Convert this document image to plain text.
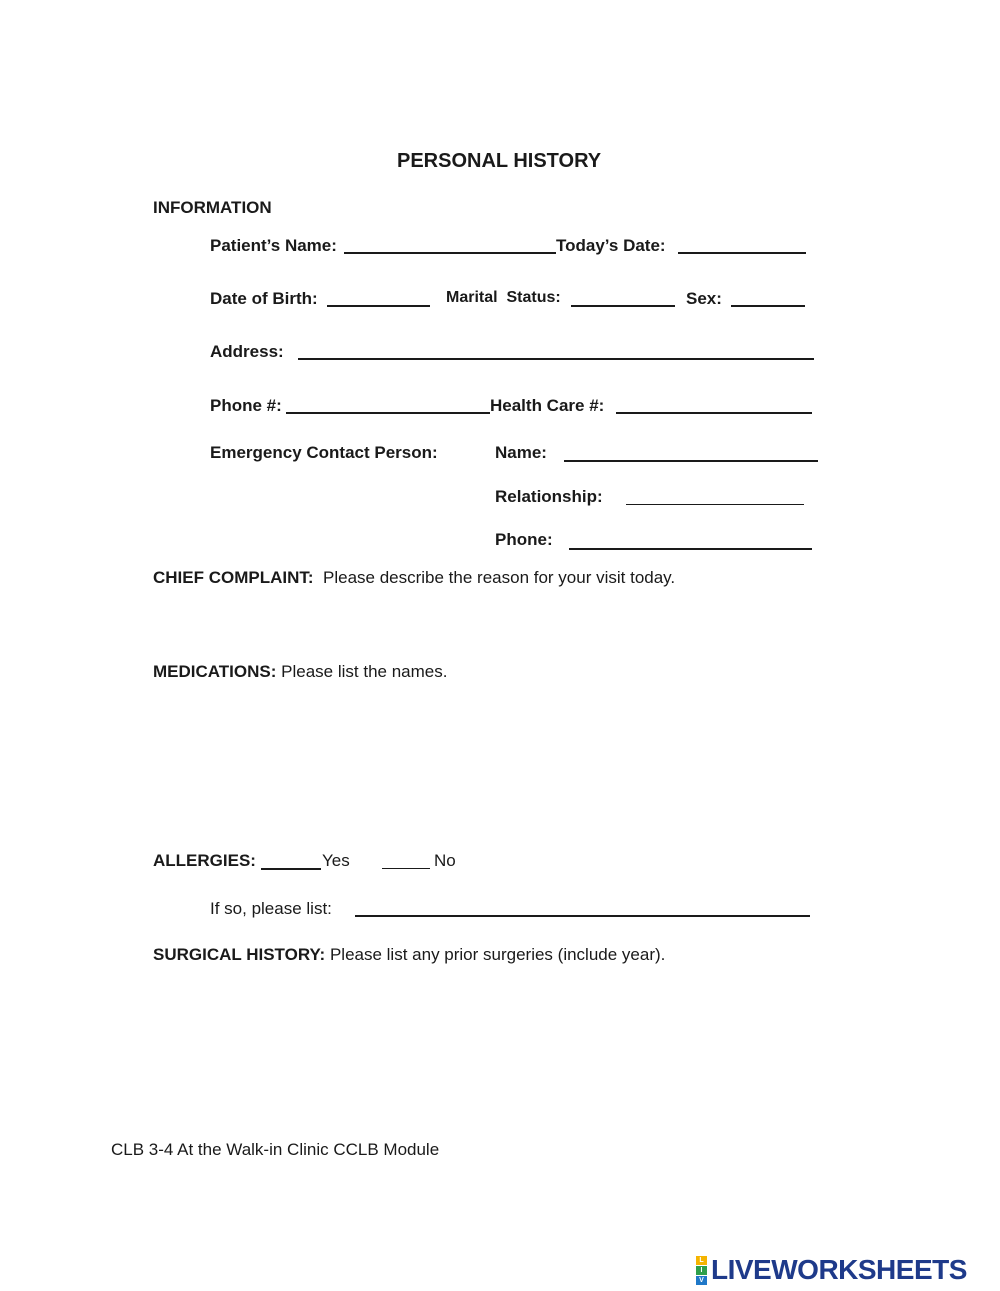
PERSONAL HISTORY
INFORMATION
Patient’s Name:	Today’s Date:
Date of Birth:	Marital  Status:	Sex:
Address:
Phone #:	Health Care #:
Emergency Contact Person:	Name:
Relationship:
Phone:
CHIEF COMPLAINT: Please describe the reason for your visit today.
MEDICATIONS: Please list the names.
ALLERGIES:	Yes	No
If so, please list:
SURGICAL HISTORY: Please list any prior surgeries (include year).
CLB 3-4 At the Walk-in Clinic CCLB Module
L
I
V LIVEWORKSHEETS
